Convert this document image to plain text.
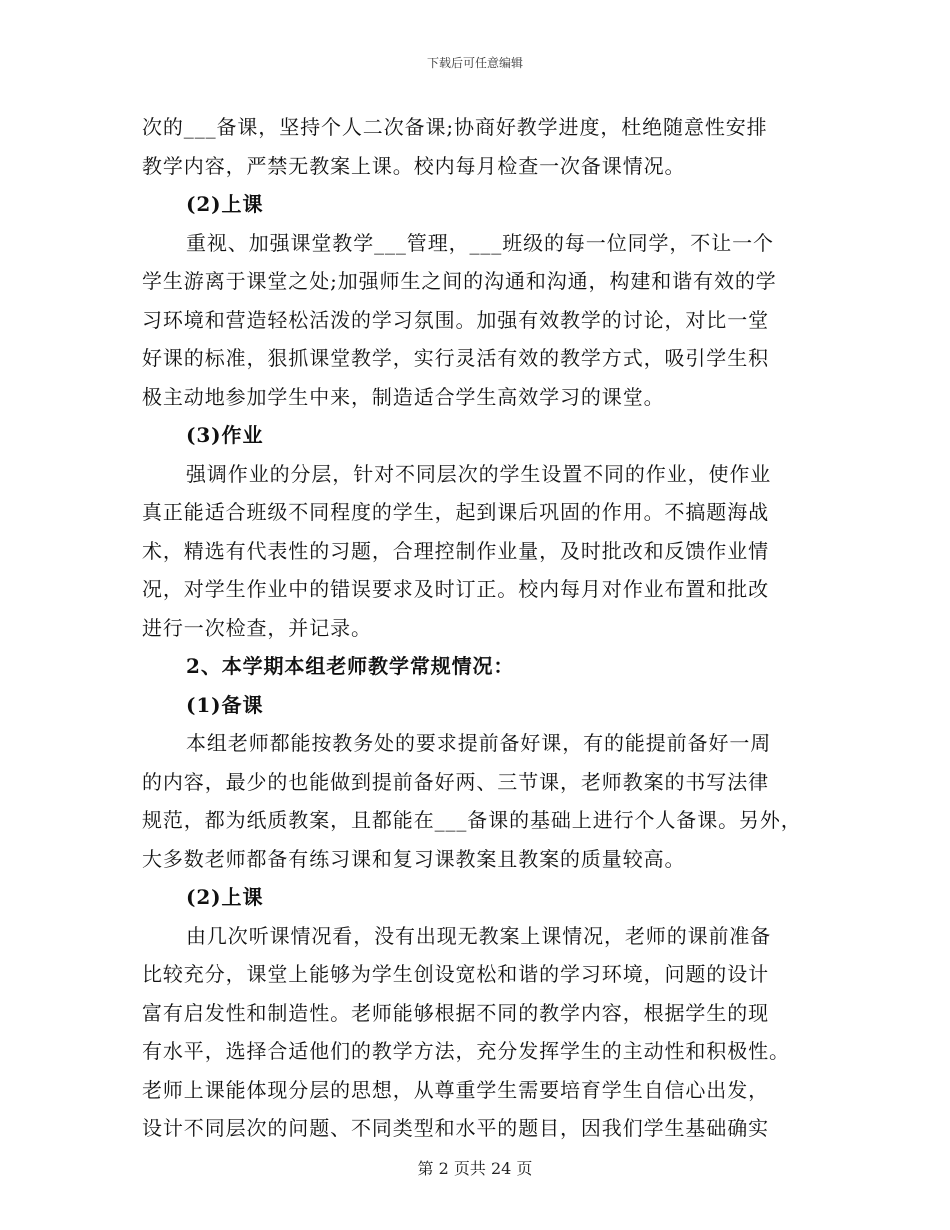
下载后可任意编辑
次的___备课，坚持个人二次备课;协商好教学进度，杜绝随意性安排
教学内容，严禁无教案上课。校内每月检查一次备课情况。
(2)上课
重视、加强课堂教学___管理，___班级的每一位同学，不让一个
学生游离于课堂之处;加强师生之间的沟通和沟通，构建和谐有效的学
习环境和营造轻松活泼的学习氛围。加强有效教学的讨论，对比一堂
好课的标准，狠抓课堂教学，实行灵活有效的教学方式，吸引学生积
极主动地参加学生中来，制造适合学生高效学习的课堂。
(3)作业
强调作业的分层，针对不同层次的学生设置不同的作业，使作业
真正能适合班级不同程度的学生，起到课后巩固的作用。不搞题海战
术，精选有代表性的习题，合理控制作业量，及时批改和反馈作业情
况，对学生作业中的错误要求及时订正。校内每月对作业布置和批改
进行一次检查，并记录。
2、本学期本组老师教学常规情况：
(1)备课
本组老师都能按教务处的要求提前备好课，有的能提前备好一周
的内容，最少的也能做到提前备好两、三节课，老师教案的书写法律
规范，都为纸质教案，且都能在___备课的基础上进行个人备课。另外，
大多数老师都备有练习课和复习课教案且教案的质量较高。
(2)上课
由几次听课情况看，没有出现无教案上课情况，老师的课前准备
比较充分，课堂上能够为学生创设宽松和谐的学习环境，问题的设计
富有启发性和制造性。老师能够根据不同的教学内容，根据学生的现
有水平，选择合适他们的教学方法，充分发挥学生的主动性和积极性。
老师上课能体现分层的思想，从尊重学生需要培育学生自信心出发，
设计不同层次的问题、不同类型和水平的题目，因我们学生基础确实
第 2 页共 24 页
